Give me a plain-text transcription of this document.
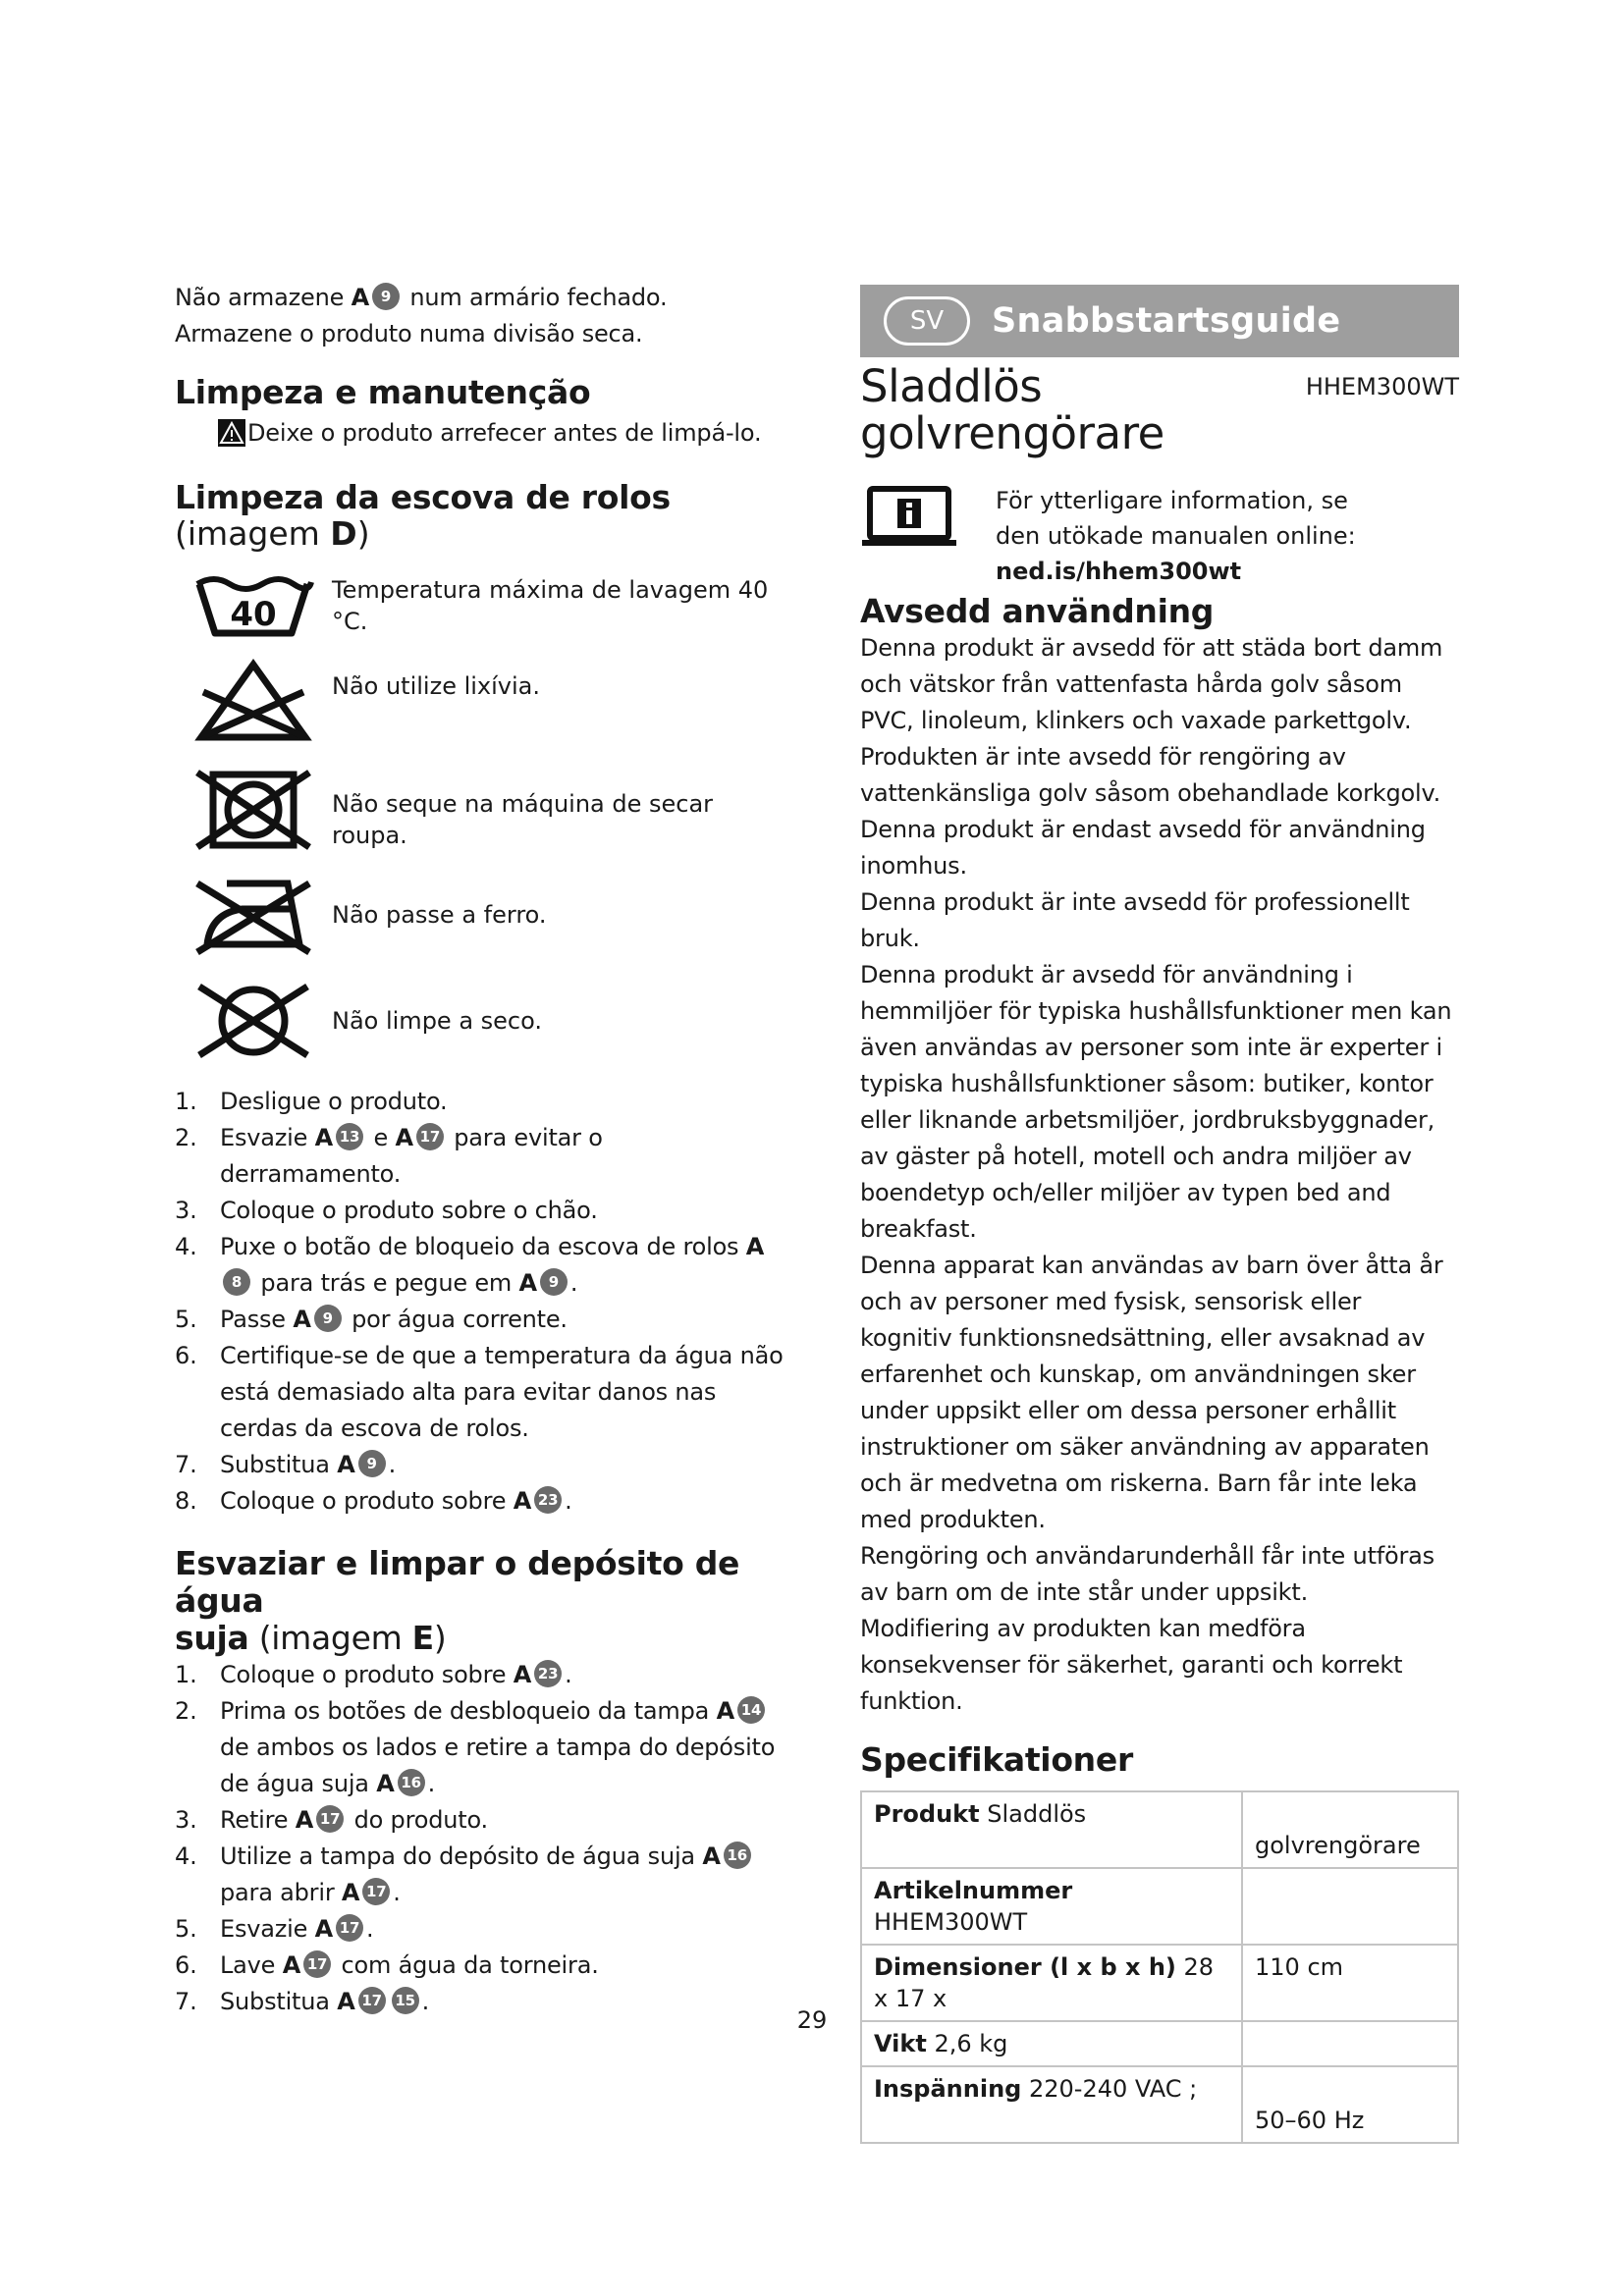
Não armazene A 9 num armário fechado.
Armazene o produto numa divisão seca.
Limpeza e manutenção
Deixe o produto arrefecer antes de limpá-lo.
Limpeza da escova de rolos
(imagem D)
40
Temperatura máxima de lavagem 40 °C.
Não utilize lixívia.
Não seque na máquina de secar roupa.
Não passe a ferro.
Não limpe a seco.
1. Desligue o produto.
2. Esvazie A 13 e A 17 para evitar o derramamento.
3. Coloque o produto sobre o chão.
4. Puxe o botão de bloqueio da escova de rolos A8 para trás e pegue em A 9 .
5. Passe A 9 por água corrente.
6. Certifique-se de que a temperatura da água não está demasiado alta para evitar danos nas cerdas da escova de rolos.
7. Substitua A 9 .
8. Coloque o produto sobre A 23 .
Esvaziar e limpar o depósito de água
suja (imagem E)
1. Coloque o produto sobre A 23 .
2. Prima os botões de desbloqueio da tampa A 14 de ambos os lados e retire a tampa do depósito de água suja A 16 .
3. Retire A 17 do produto.
4. Utilize a tampa do depósito de água suja A 16 para abrir A 17 .
5. Esvazie A 17 .
6. Lave A 17 com água da torneira.
7. Substitua A 17 15 .
SV	Snabbstartsguide
Sladdlös
golvrengörare
HHEM300WT
För ytterligare information, se
den utökade manualen online:
ned.is/hhem300wt
Avsedd användning

Denna produkt är avsedd för att städa bort damm och vätskor från vattenfasta hårda golv såsom PVC, linoleum, klinkers och vaxade parkettgolv.

Produkten är inte avsedd för rengöring av vattenkänsliga golv såsom obehandlade korkgolv.

Denna produkt är endast avsedd för användning inomhus.

Denna produkt är inte avsedd för professionellt bruk.

Denna produkt är avsedd för användning i hemmiljöer för typiska hushållsfunktioner men kan även användas av personer som inte är experter i typiska hushållsfunktioner såsom: butiker, kontor eller liknande arbetsmiljöer, jordbruksbyggnader, av gäster på hotell, motell och andra miljöer av boendetyp och/eller miljöer av typen bed and breakfast.

Denna apparat kan användas av barn över åtta år och av personer med fysisk, sensorisk eller kognitiv funktionsnedsättning, eller avsaknad av erfarenhet och kunskap, om användningen sker under uppsikt eller om dessa personer erhållit instruktioner om säker användning av apparaten och är medvetna om riskerna. Barn får inte leka med produkten.

Rengöring och användarunderhåll får inte utföras av barn om de inte står under uppsikt.

Modifiering av produkten kan medföra konsekvenser för säkerhet, garanti och korrekt funktion.

Specifikationer
Produkt Sladdlös	golvrengörare
Artikelnummer HHEM300WT	
Dimensioner (l x b x h) 28 x 17 x	110 cm
Vikt 2,6 kg	
Inspänning 220-240 VAC ;	50–60 Hz
29
